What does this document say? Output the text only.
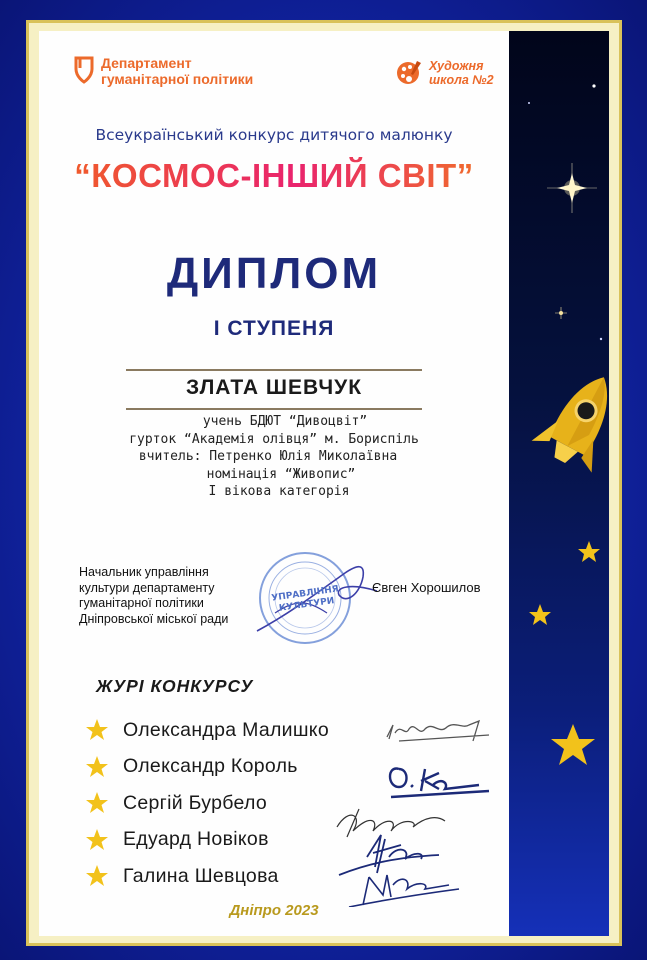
Департамент
гуманітарної політики
Художня
школа №2
Всеукраїнський конкурс дитячого малюнку
“КОСМОС-ІНШИЙ СВІТ”
ДИПЛОМ
І СТУПЕНЯ
ЗЛАТА ШЕВЧУК
учень БДЮТ “Дивоцвіт”
гурток “Академія олівця” м. Бориспіль
вчитель: Петренко Юлія Миколаївна
номінація “Живопис”
І вікова категорія
Начальник управління
культури департаменту
гуманітарної політики
Дніпровської міської ради
УПРАВЛІННЯ КУЛЬТУРИ
Євген Хорошилов
ЖУРІ КОНКУРСУ
Олександра Малишко
Олександр Король
Сергій Бурбело
Едуард Новіков
Галина Шевцова
Дніпро 2023
